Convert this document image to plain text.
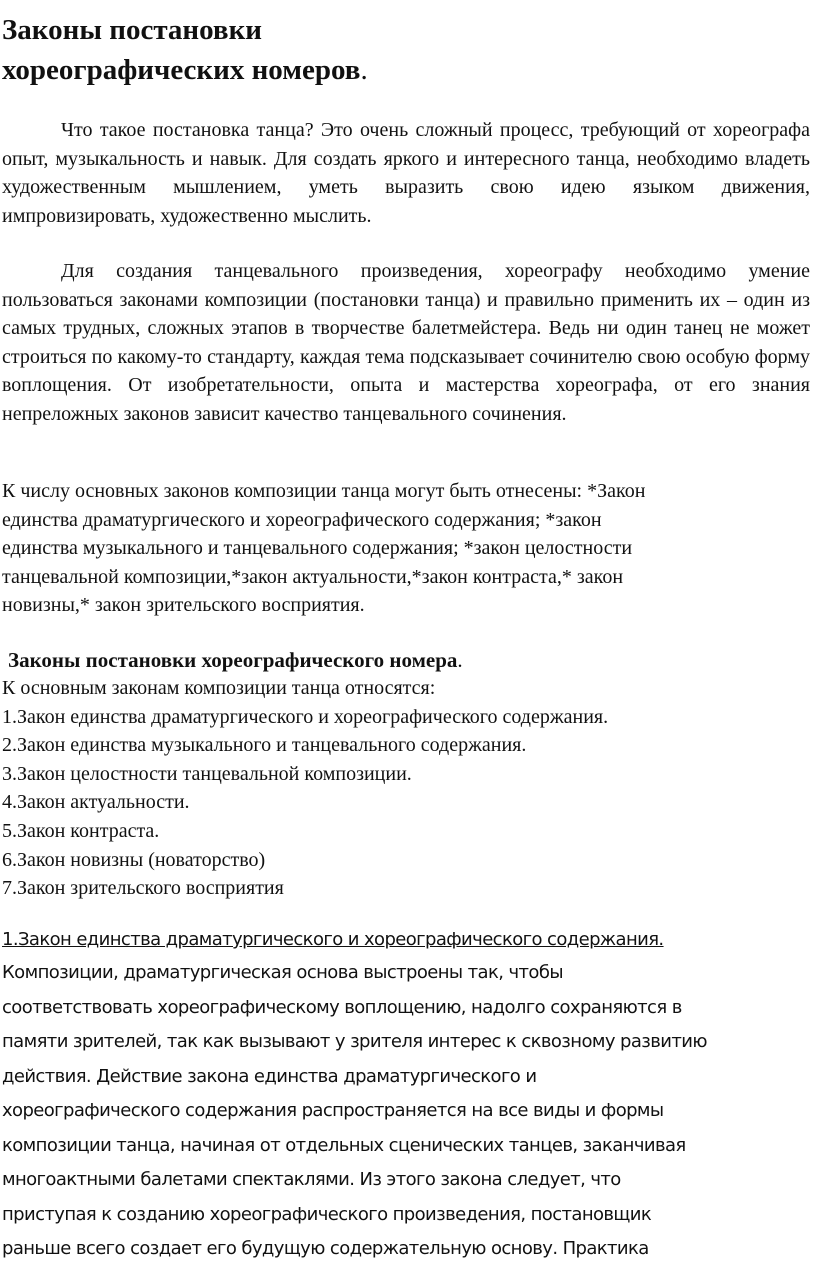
Законы постановки
хореографических номеров.

Что такое постановка танца? Это очень сложный процесс, требующий от хореографа опыт, музыкальность и навык. Для создать яркого и интересного танца, необходимо владеть художественным мышлением, уметь выразить свою идею языком движения, импровизировать, художественно мыслить.

Для создания танцевального произведения, хореографу необходимо умение пользоваться законами композиции (постановки танца) и правильно применить их – один из самых трудных, сложных этапов в творчестве балетмейстера. Ведь ни один танец не может строиться по какому-то стандарту, каждая тема подсказывает сочинителю свою особую форму воплощения. От изобретательности, опыта и мастерства хореографа, от его знания непреложных законов зависит качество танцевального сочинения.

К числу основных законов композиции танца могут быть отнесены: *Закон
единства драматургического и хореографического содержания; *закон
единства музыкального и танцевального содержания; *закон целостности
танцевальной композиции,*закон актуальности,*закон контраста,* закон
новизны,* закон зрительского восприятия.

Законы постановки хореографического номера.

К основным законам композиции танца относятся:

1.Закон единства драматургического и хореографического содержания.
2.Закон единства музыкального и танцевального содержания.
3.Закон целостности танцевальной композиции.
4.Закон актуальности.
5.Закон контраста.
6.Закон новизны (новаторство)
7.Закон зрительского восприятия

1.Закон единства драматургического и хореографического содержания.

Композиции, драматургическая основа выстроены так, чтобы
соответствовать хореографическому воплощению, надолго сохраняются в
памяти зрителей, так как вызывают у зрителя интерес к сквозному развитию
действия. Действие закона единства драматургического и
хореографического содержания распространяется на все виды и формы
композиции танца, начиная от отдельных сценических танцев, заканчивая
многоактными балетами спектаклями. Из этого закона следует, что
приступая к созданию хореографического произведения, постановщик
раньше всего создает его будущую содержательную основу. Практика
